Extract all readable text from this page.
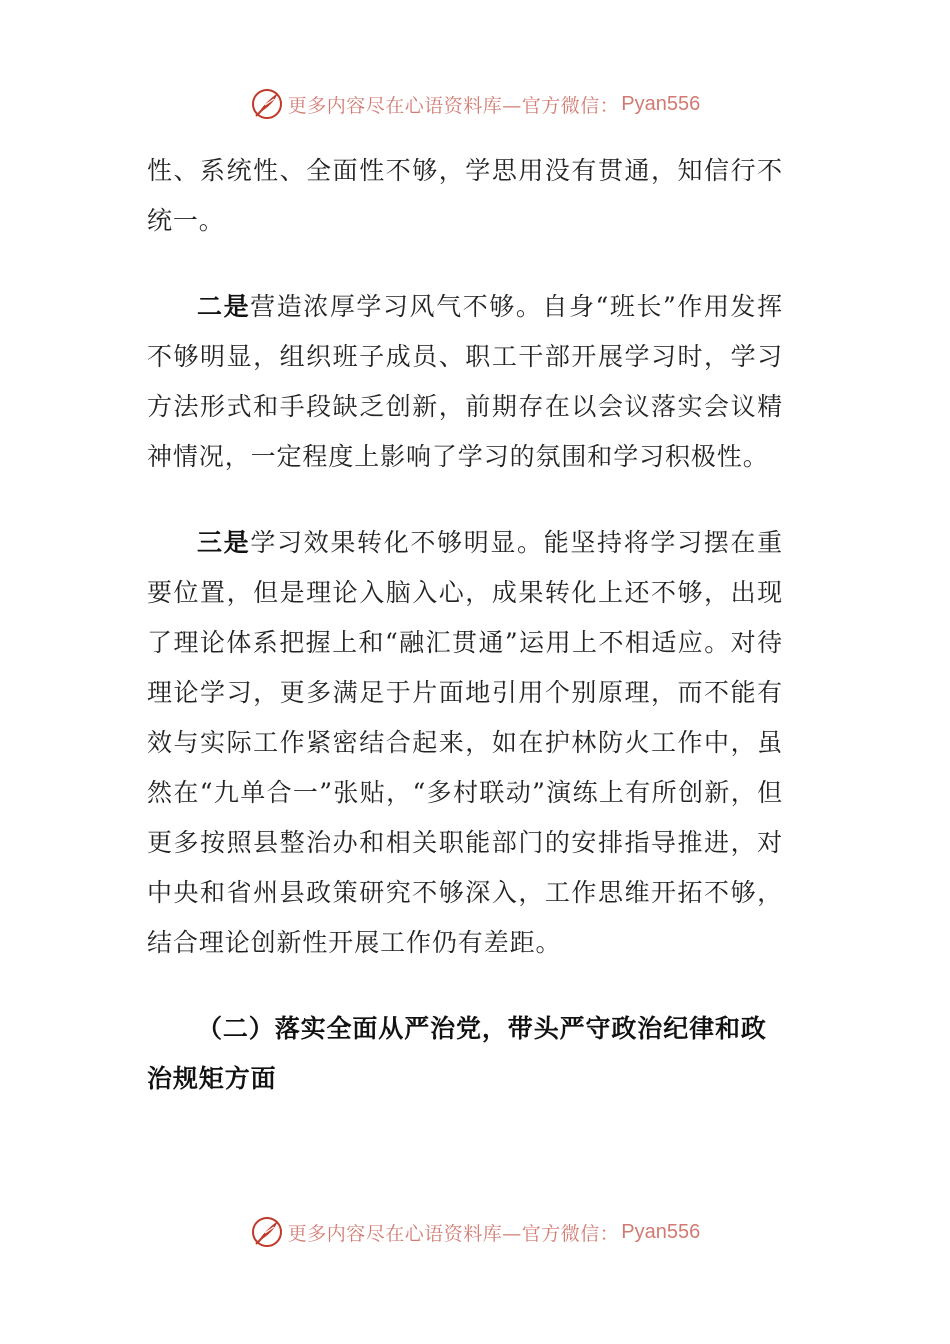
更多内容尽在心语资料库—官方微信： Pyan556

性、系统性、全面性不够，学思用没有贯通，知信行不统一。

二是营造浓厚学习风气不够。自身“班长”作用发挥不够明显，组织班子成员、职工干部开展学习时，学习方法形式和手段缺乏创新，前期存在以会议落实会议精神情况，一定程度上影响了学习的氛围和学习积极性。

三是学习效果转化不够明显。能坚持将学习摆在重要位置，但是理论入脑入心，成果转化上还不够，出现了理论体系把握上和“融汇贯通”运用上不相适应。对待理论学习，更多满足于片面地引用个别原理，而不能有效与实际工作紧密结合起来，如在护林防火工作中，虽然在“九单合一”张贴，“多村联动”演练上有所创新，但更多按照县整治办和相关职能部门的安排指导推进，对中央和省州县政策研究不够深入，工作思维开拓不够，结合理论创新性开展工作仍有差距。

（二）落实全面从严治党，带头严守政治纪律和政治规矩方面

更多内容尽在心语资料库—官方微信： Pyan556
